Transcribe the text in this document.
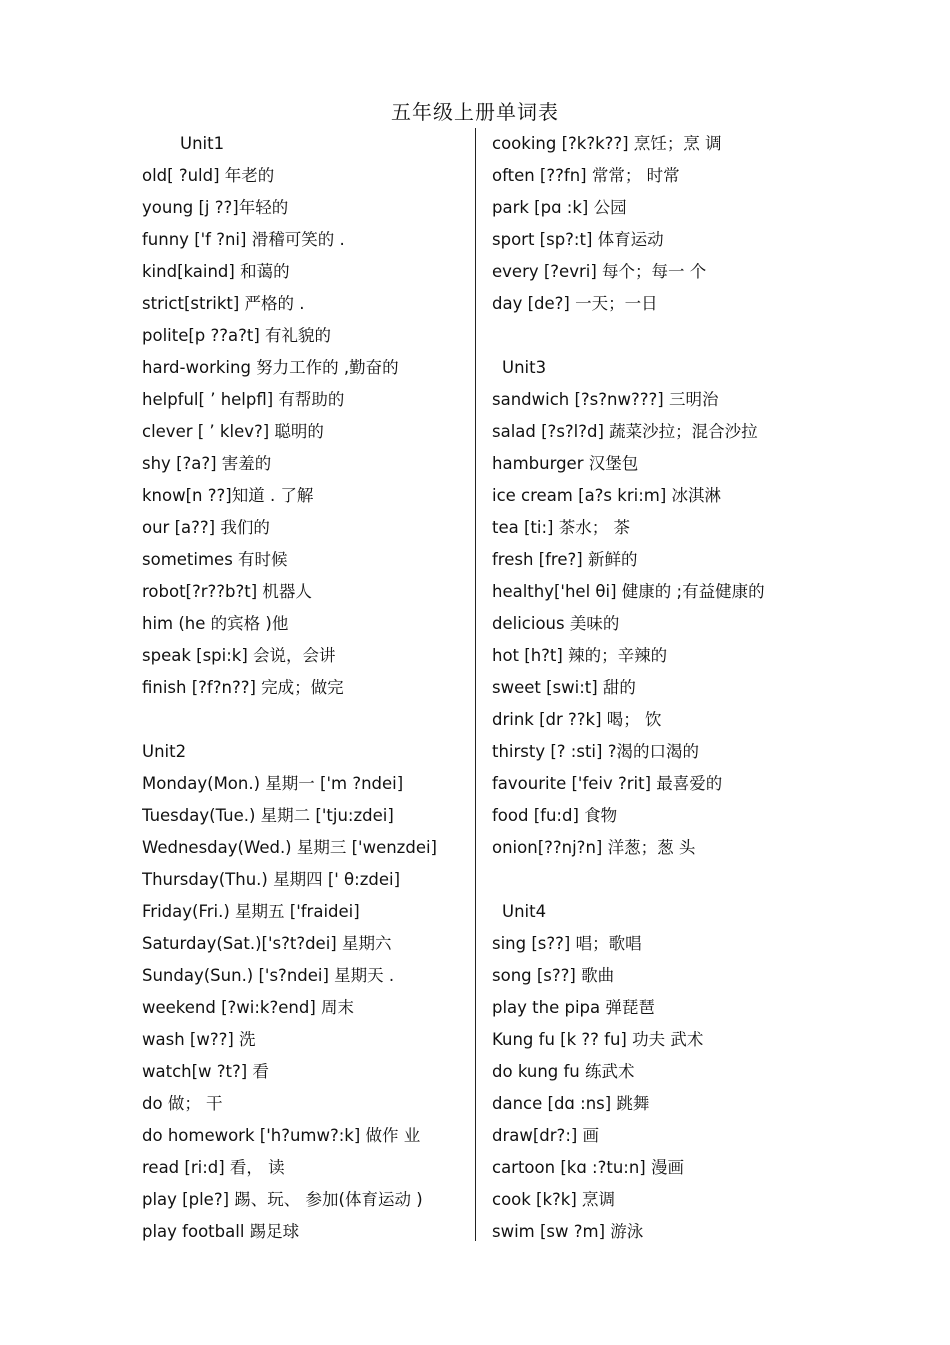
五年级上册单词表
Unit1
old[ ?uld] 年老的
young [j ??]年轻的
funny ['f ?ni] 滑稽可笑的 .
kind[kaind] 和蔼的
strict[strikt] 严格的 .
polite[p ??a?t] 有礼貌的
hard-working 努力工作的 ,勤奋的
helpful[ ’ helpfl] 有帮助的
clever [ ’ klev?] 聪明的
shy [?a?] 害羞的
know[n ??]知道 . 了解
our [a??] 我们的
sometimes 有时候
robot[?r??b?t] 机器人
him (he 的宾格 )他
speak [spi:k] 会说，会讲
finish [?f?n??] 完成；做完
Unit2
Monday(Mon.) 星期一 ['m ?ndei]
Tuesday(Tue.) 星期二 ['tju:zdei]
Wednesday(Wed.) 星期三 ['wenzdei]
Thursday(Thu.) 星期四 [' θ:zdei]
Friday(Fri.) 星期五 ['fraidei]
Saturday(Sat.)['s?t?dei] 星期六
Sunday(Sun.) ['s?ndei] 星期天 .
weekend [?wi:k?end] 周末
wash [w??] 洗
watch[w ?t?] 看
do 做； 干
do homework ['h?umw?:k] 做作 业
read [ri:d] 看， 读
play [ple?] 踢、玩、 参加(体育运动 )
play football 踢足球
cooking [?k?k??] 烹饪；烹 调
often [??fn] 常常； 时常
park [pɑ :k] 公园
sport [sp?:t] 体育运动
every [?evri] 每个；每一 个
day [de?] 一天；一日
Unit3
sandwich [?s?nw???] 三明治
salad [?s?l?d] 蔬菜沙拉；混合沙拉
hamburger 汉堡包
ice cream [a?s kri:m] 冰淇淋
tea [ti:] 茶水； 茶
fresh [fre?] 新鲜的
healthy['hel θi] 健康的 ;有益健康的
delicious 美味的
hot [h?t] 辣的；辛辣的
sweet [swi:t] 甜的
drink [dr ??k] 喝； 饮
thirsty [? :sti] ?渴的口渴的
favourite ['feiv ?rit] 最喜爱的
food [fu:d] 食物
onion[??nj?n] 洋葱；葱 头
Unit4
sing [s??] 唱；歌唱
song [s??] 歌曲
play the pipa 弹琵琶
Kung fu [k ?? fu] 功夫 武术
do kung fu 练武术
dance [dɑ :ns] 跳舞
draw[dr?:] 画
cartoon [kɑ :?tu:n] 漫画
cook [k?k] 烹调
swim [sw ?m] 游泳
